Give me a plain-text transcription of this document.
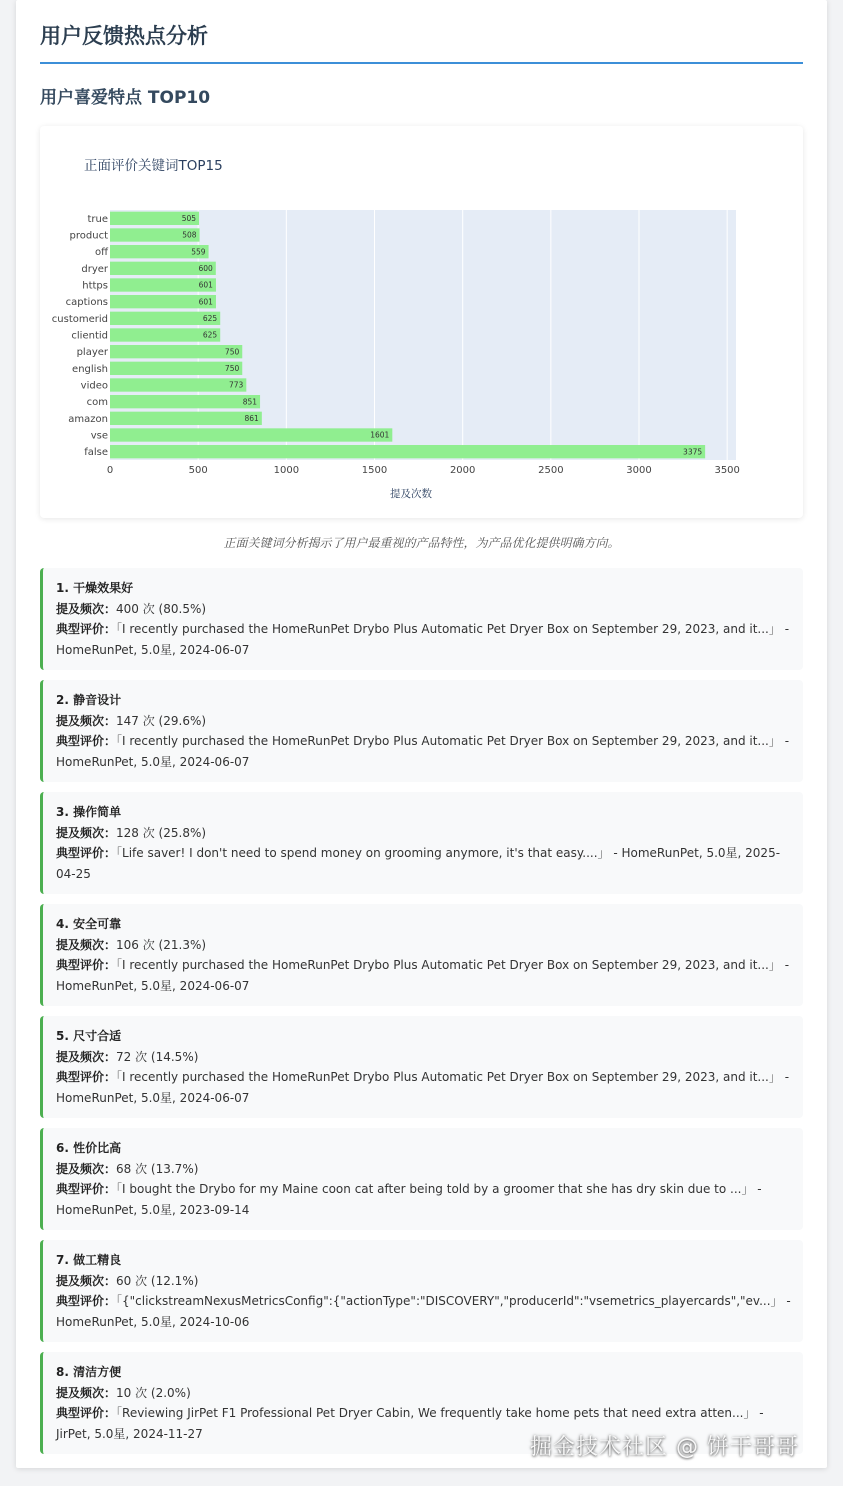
用户反馈热点分析
用户喜爱特点 TOP10
正面评价关键词TOP15
505
508
559
600
601
601
625
625
750
750
773
851
861
1601
3375
true
product
off
dryer
https
captions
customerid
clientid
player
english
video
com
amazon
vse
false
0	500	1000	1500	2000	2500	3000	3500
提及次数
正面关键词分析揭示了用户最重视的产品特性，为产品优化提供明确方向。
1. 干燥效果好
提及频次：400 次 (80.5%)
典型评价：「I recently purchased the HomeRunPet Drybo Plus Automatic Pet Dryer Box on September 29, 2023, and it...」 - HomeRunPet, 5.0星, 2024-06-07
2. 静音设计
提及频次：147 次 (29.6%)
典型评价：「I recently purchased the HomeRunPet Drybo Plus Automatic Pet Dryer Box on September 29, 2023, and it...」 - HomeRunPet, 5.0星, 2024-06-07
3. 操作简单
提及频次：128 次 (25.8%)
典型评价：「Life saver! I don't need to spend money on grooming anymore, it's that easy....」 - HomeRunPet, 5.0星, 2025-04-25
4. 安全可靠
提及频次：106 次 (21.3%)
典型评价：「I recently purchased the HomeRunPet Drybo Plus Automatic Pet Dryer Box on September 29, 2023, and it...」 - HomeRunPet, 5.0星, 2024-06-07
5. 尺寸合适
提及频次：72 次 (14.5%)
典型评价：「I recently purchased the HomeRunPet Drybo Plus Automatic Pet Dryer Box on September 29, 2023, and it...」 - HomeRunPet, 5.0星, 2024-06-07
6. 性价比高
提及频次：68 次 (13.7%)
典型评价：「I bought the Drybo for my Maine coon cat after being told by a groomer that she has dry skin due to ...」 - HomeRunPet, 5.0星, 2023-09-14
7. 做工精良
提及频次：60 次 (12.1%)
典型评价：「{"clickstreamNexusMetricsConfig":{"actionType":"DISCOVERY","producerId":"vsemetrics_playercards","ev...」 - HomeRunPet, 5.0星, 2024-10-06
8. 清洁方便
提及频次：10 次 (2.0%)
典型评价：「Reviewing JirPet F1 Professional Pet Dryer Cabin, We frequently take home pets that need extra atten...」 - JirPet, 5.0星, 2024-11-27
掘金技术社区 @ 饼干哥哥
